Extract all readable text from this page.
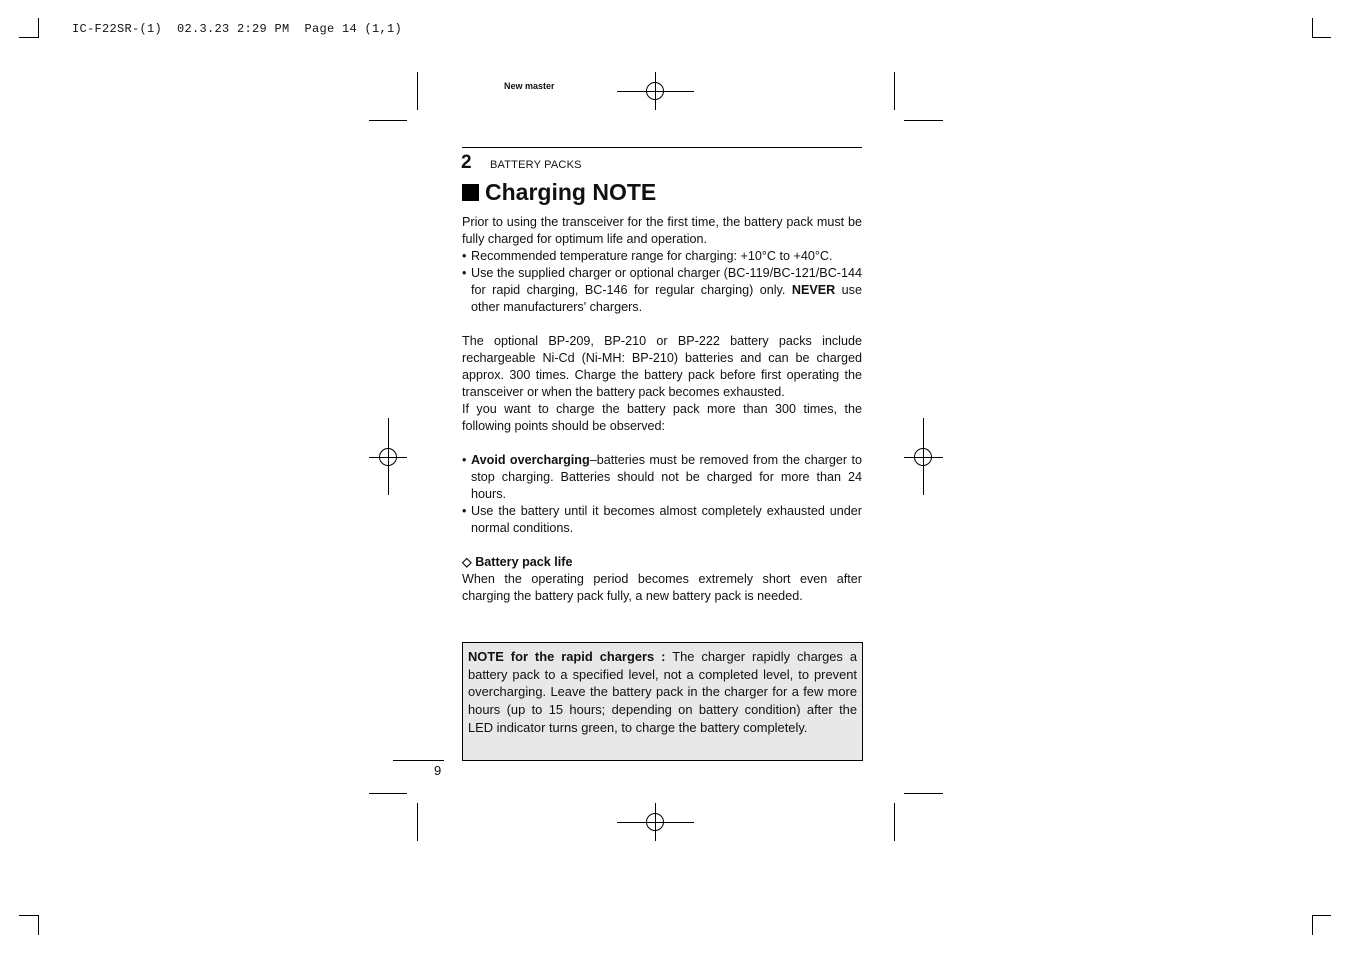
IC-F22SR-(1)  02.3.23 2:29 PM  Page 14 (1,1)
New master
2 BATTERY PACKS
Charging NOTE

Prior to using the transceiver for the first time, the battery pack must be fully charged for optimum life and operation.

• Recommended temperature range for charging: +10°C to +40°C.
• Use the supplied charger or optional charger (BC-119/BC-121/BC-144 for rapid charging, BC-146 for regular charging) only. NEVER use other manufacturers' chargers.

The optional BP-209, BP-210 or BP-222 battery packs include rechargeable Ni-Cd (Ni-MH: BP-210) batteries and can be charged approx. 300 times. Charge the battery pack before first operating the transceiver or when the battery pack becomes exhausted.

If you want to charge the battery pack more than 300 times, the following points should be observed:

• Avoid overcharging–batteries must be removed from the charger to stop charging. Batteries should not be charged for more than 24 hours.
• Use the battery until it becomes almost completely exhausted under normal conditions.
◇ Battery pack life

When the operating period becomes extremely short even after charging the battery pack fully, a new battery pack is needed.

NOTE for the rapid chargers : The charger rapidly charges a battery pack to a specified level, not a completed level, to prevent overcharging. Leave the battery pack in the charger for a few more hours (up to 15 hours; depending on battery condition) after the LED indicator turns green, to charge the battery completely.
9
